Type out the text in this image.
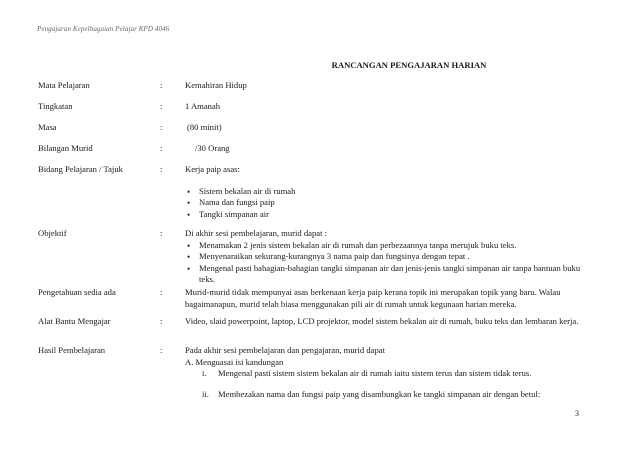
Pengajaran Kepelbagaian Pelajar KPD 4046
RANCANGAN PENGAJARAN HARIAN
Mata Pelajaran	:	Kemahiran Hidup
Tingkatan	:	1 Amanah
Masa	:	(80 minit)
Bilangan Murid	:	/30 Orang
Bidang Pelajaran / Tajuk	:	Kerja paip asas:
• Sistem bekalan air di rumah
• Nama dan fungsi paip
• Tangki simpanan air
Objektif	:	Di akhir sesi pembelajaran, murid dapat :
• Menamakan 2 jenis sistem bekalan air di rumah dan perbezaannya tanpa merujuk buku teks.
• Menyenaraikan sekurang-kurangnya 3 nama paip dan fungsinya dengan tepat .
• Mengenal pasti bahagian-bahagian tangki simpanan air dan jenis-jenis tangki simpanan air tanpa bantuan buku teks.
Pengetahuan sedia ada	:	Murid-murid tidak mempunyai asas berkenaan kerja paip kerana topik ini merupakan topik yang baru. Walau bagaimanapun, murid telah biasa menggunakan pili air di rumah untuk kegunaan harian mereka.
Alat Bantu Mengajar	:	Video, slaid powerpoint, laptop, LCD projektor, model sistem bekalan air di rumah, buku teks dan lembaran kerja.
Hasil Pembelajaran	:	Pada akhir sesi pembelajaran dan pengajaran, murid dapat
A. Menguasai isi kandungan
i. Mengenal pasti sistem sistem bekalan air di rumah iaitu sistem terus dan sistem tidak terus.
ii. Membezakan nama dan fungsi paip yang disambungkan ke tangki simpanan air dengan betul:
3
